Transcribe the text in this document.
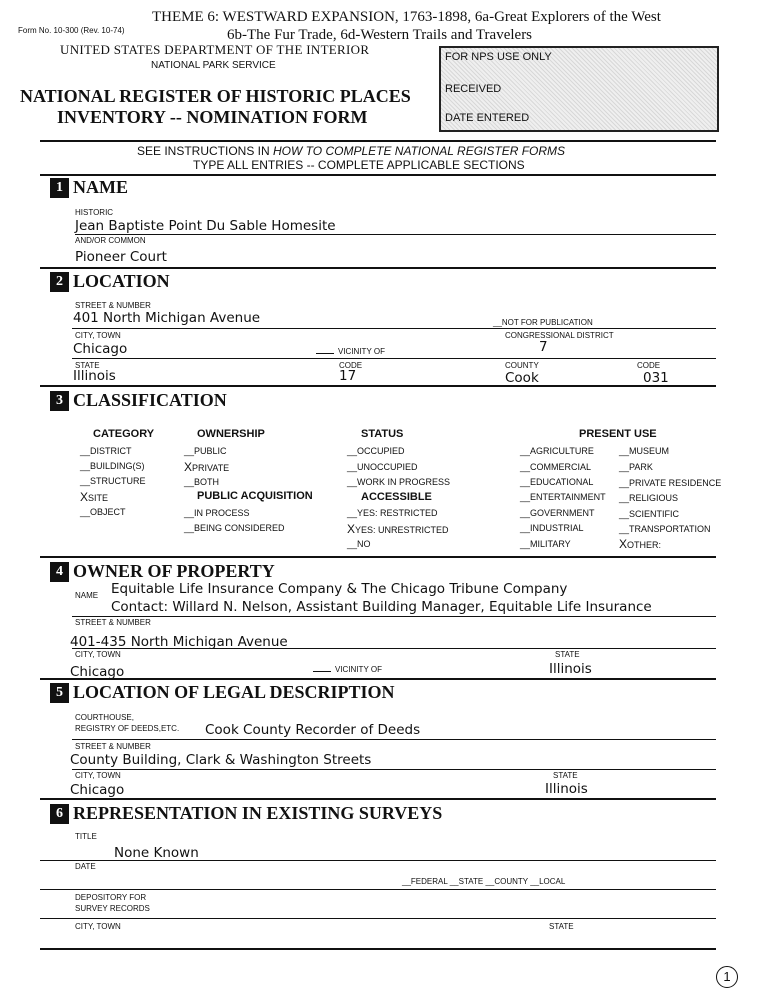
THEME 6: WESTWARD EXPANSION, 1763-1898, 6a-Great Explorers of the West
6b-The Fur Trade, 6d-Western Trails and Travelers
Form No. 10-300 (Rev. 10-74)
UNITED STATES DEPARTMENT OF THE INTERIOR
NATIONAL PARK SERVICE
NATIONAL REGISTER OF HISTORIC PLACES
INVENTORY -- NOMINATION FORM
FOR NPS USE ONLY
RECEIVED
DATE ENTERED
SEE INSTRUCTIONS IN HOW TO COMPLETE NATIONAL REGISTER FORMS
TYPE ALL ENTRIES -- COMPLETE APPLICABLE SECTIONS
1 NAME
HISTORIC
Jean Baptiste Point Du Sable Homesite
AND/OR COMMON
Pioneer Court
2 LOCATION
STREET & NUMBER
401 North Michigan Avenue	__NOT FOR PUBLICATION
CITY, TOWN	CONGRESSIONAL DISTRICT
Chicago	7
VICINITY OF
STATE	CODE	COUNTY	CODE
Illinois	17	Cook	031
3 CLASSIFICATION
CATEGORY	OWNERSHIP	STATUS	PRESENT USE
__DISTRICT
__BUILDING(S)
__STRUCTURE
XSITE
__OBJECT
__PUBLIC
XPRIVATE
__BOTH
PUBLIC ACQUISITION
__IN PROCESS
__BEING CONSIDERED
__OCCUPIED
__UNOCCUPIED
__WORK IN PROGRESS
ACCESSIBLE
__YES: RESTRICTED
XYES: UNRESTRICTED
__NO
__AGRICULTURE
__COMMERCIAL
__EDUCATIONAL
__ENTERTAINMENT
__GOVERNMENT
__INDUSTRIAL
__MILITARY
__MUSEUM
__PARK
__PRIVATE RESIDENCE
__RELIGIOUS
__SCIENTIFIC
__TRANSPORTATION
XOTHER:
4 OWNER OF PROPERTY
NAME Equitable Life Insurance Company & The Chicago Tribune Company
Contact: Willard N. Nelson, Assistant Building Manager, Equitable Life Insurance
STREET & NUMBER
401-435 North Michigan Avenue
CITY, TOWN	STATE
Chicago	VICINITY OF	Illinois
5 LOCATION OF LEGAL DESCRIPTION
COURTHOUSE,
REGISTRY OF DEEDS,ETC. Cook County Recorder of Deeds
STREET & NUMBER
County Building, Clark & Washington Streets
CITY, TOWN	STATE
Chicago	Illinois
6 REPRESENTATION IN EXISTING SURVEYS
TITLE
None Known
DATE
__FEDERAL __STATE __COUNTY __LOCAL
DEPOSITORY FOR
SURVEY RECORDS
CITY, TOWN	STATE
1
